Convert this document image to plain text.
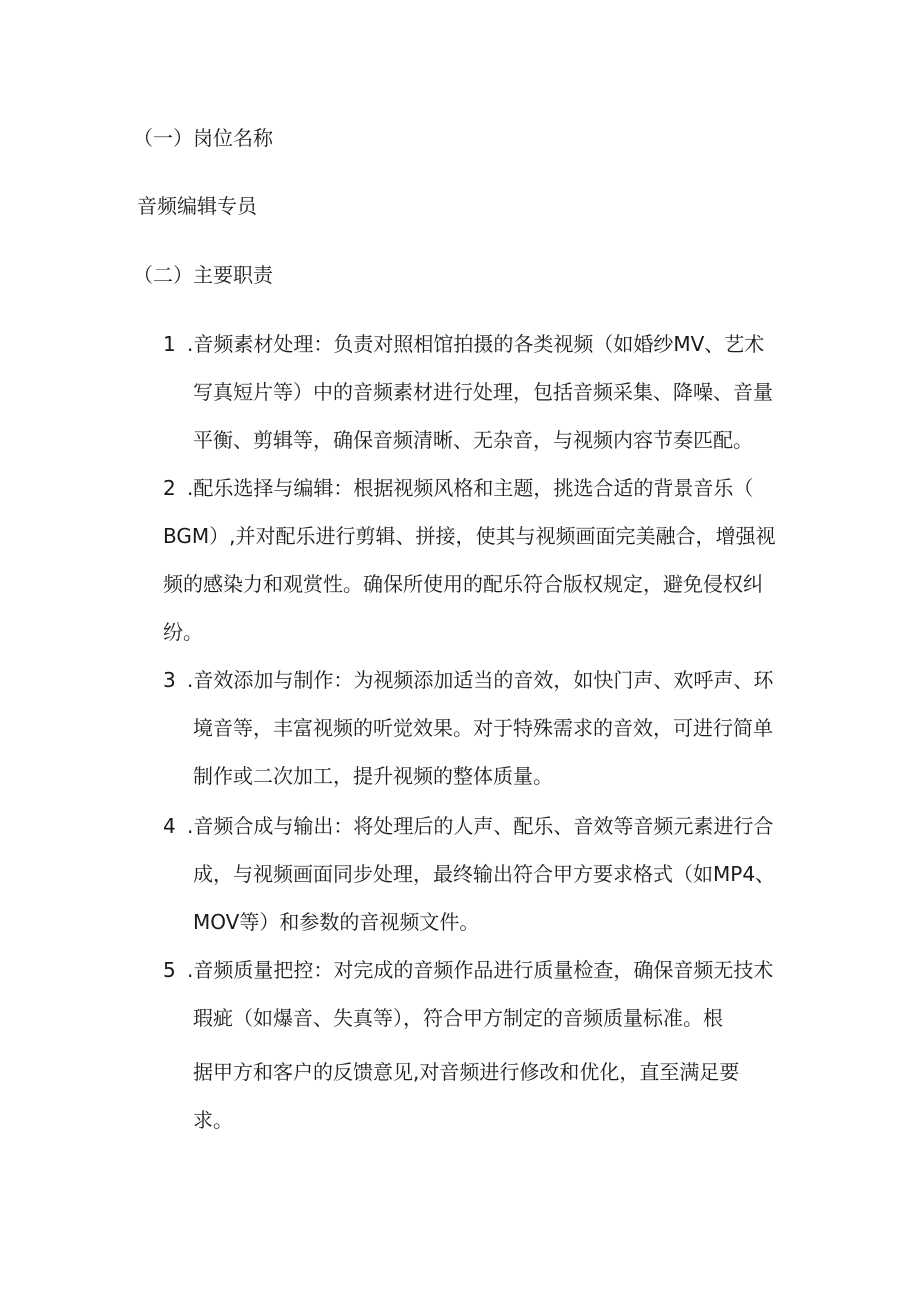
（一）岗位名称
音频编辑专员
（二）主要职责
1 .音频素材处理：负责对照相馆拍摄的各类视频（如婚纱MV、艺术
写真短片等）中的音频素材进行处理，包括音频采集、降噪、音量
平衡、剪辑等，确保音频清晰、无杂音，与视频内容节奏匹配。
2 .配乐选择与编辑：根据视频风格和主题，挑选合适的背景音乐（
BGM）,并对配乐进行剪辑、拼接，使其与视频画面完美融合，增强视
频的感染力和观赏性。确保所使用的配乐符合版权规定，避免侵权纠
纷。
3 .音效添加与制作：为视频添加适当的音效，如快门声、欢呼声、环
境音等，丰富视频的听觉效果。对于特殊需求的音效，可进行简单
制作或二次加工，提升视频的整体质量。
4 .音频合成与输出：将处理后的人声、配乐、音效等音频元素进行合
成，与视频画面同步处理，最终输出符合甲方要求格式（如MP4、
MOV等）和参数的音视频文件。
5 .音频质量把控：对完成的音频作品进行质量检查，确保音频无技术
瑕疵（如爆音、失真等），符合甲方制定的音频质量标准。根
据甲方和客户的反馈意见,对音频进行修改和优化，直至满足要
求。
